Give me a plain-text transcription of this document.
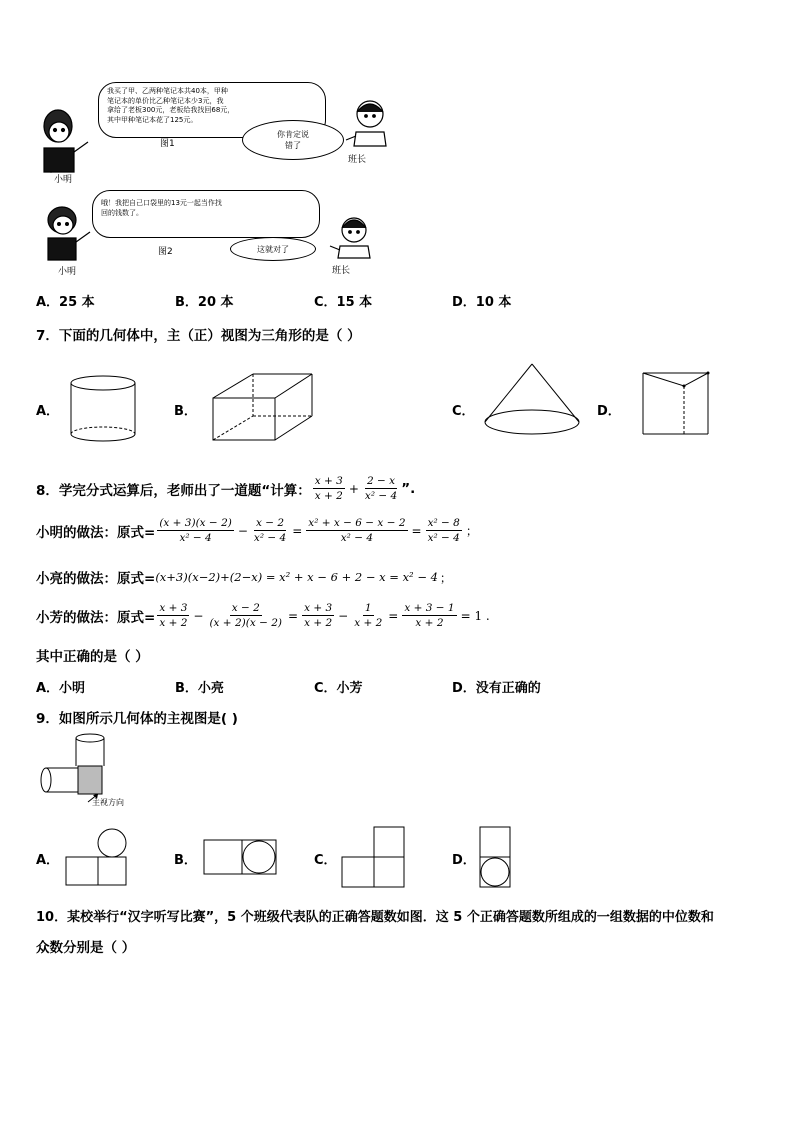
我买了甲、乙两种笔记本共40本，甲种
笔记本的单价比乙种笔记本少3元，我
拿给了老板300元，老板给我找回68元，
其中甲种笔记本花了125元。
图1
你肯定说
错了
班长
小明
哦！我把自己口袋里的13元一起当作找
回的钱数了。
图2	这就对了
班长
小明
A．25 本	B．20 本	C．15 本	D．10 本
7．下面的几何体中，主（正）视图为三角形的是（ ）
A．	B．	C．	D．
8．学完分式运算后，老师出了一道题“计算： $\frac{x + 3}{x + 2} + \frac{2 - x}{\text{x² − 4}}$ ”.
小明的做法：原式= $\frac{(x + 3)(x - 2)}{\text{x² − 4}} - \frac{x - 2}{\text{x² − 4}} = \frac{\text{x² + x − 6 − x − 2}}{\text{x² − 4}} = \frac{\text{x² − 8}}{\text{x² − 4}}$ ；
小亮的做法：原式= (x+3)(x−2)+(2−x) = x² + x − 6 + 2 − x = x² − 4 ；
小芳的做法：原式= $\frac{x + 3}{x + 2} - \frac{x - 2}{(x + 2)(x - 2)} = \frac{x + 3}{x + 2} - \frac{1}{x + 2} = \frac{x + 3 - 1}{x + 2} = 1$ .
其中正确的是（ ）
A．小明	B．小亮	C．小芳	D．没有正确的
9．如图所示几何体的主视图是( )
主视方向
A．	B．	C．	D．
10．某校举行“汉字听写比赛”，5 个班级代表队的正确答题数如图．这 5 个正确答题数所组成的一组数据的中位数和
众数分别是（ ）
